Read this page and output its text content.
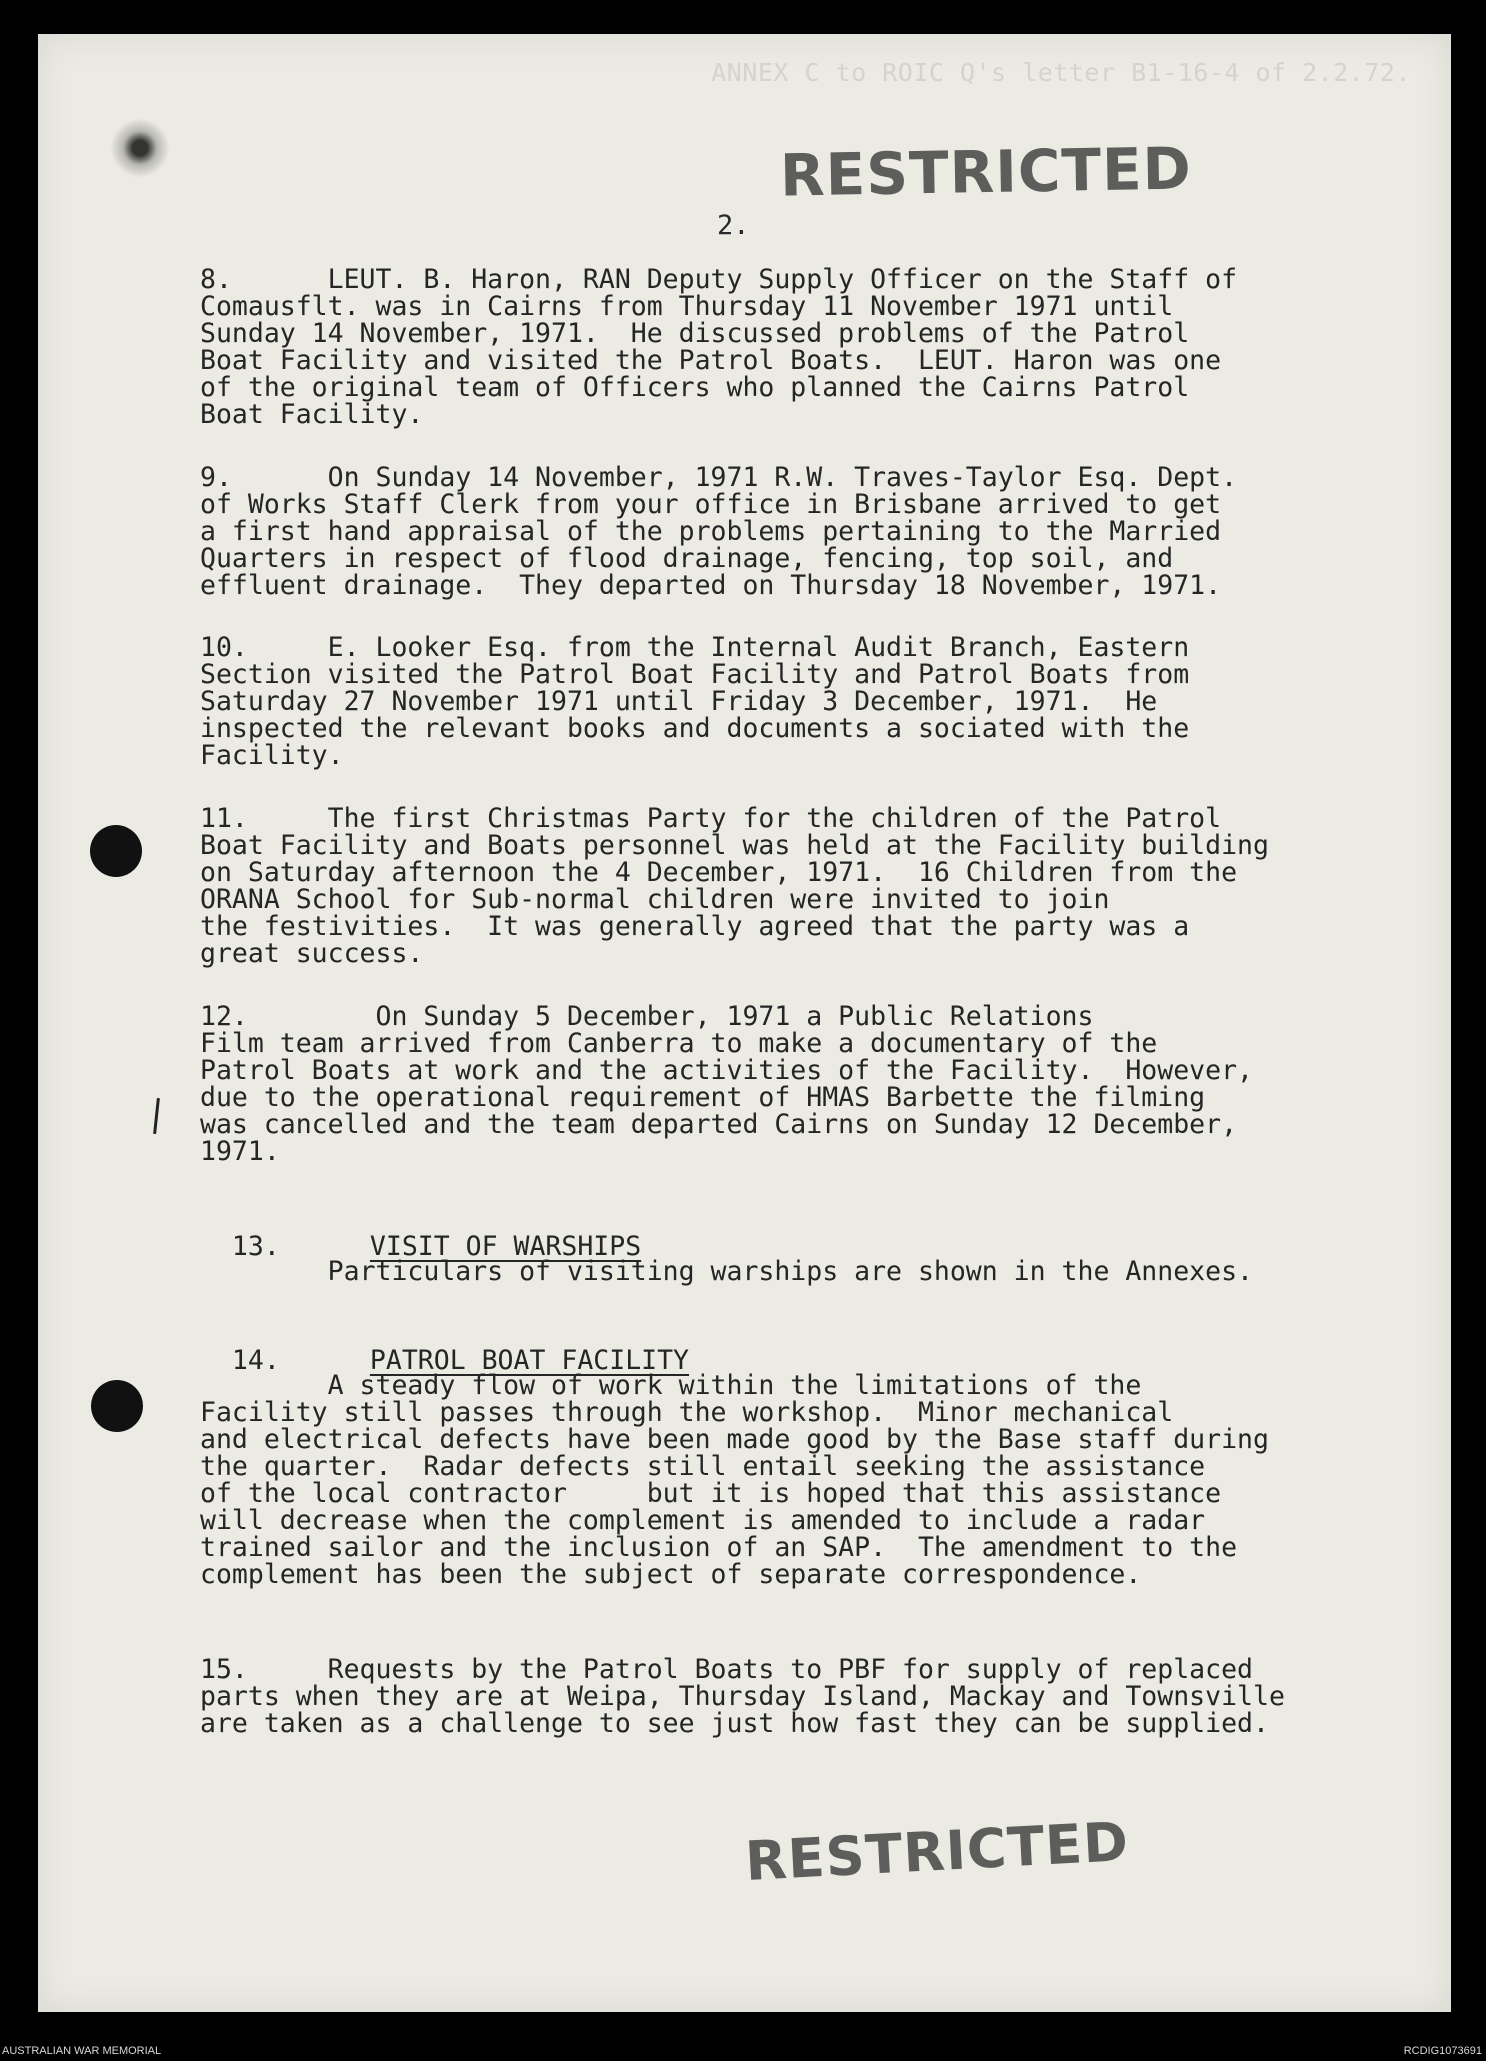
ANNEX C to ROIC Q's letter B1-16-4 of 2.2.72.
RESTRICTED
2.

8.      LEUT. B. Haron, RAN Deputy Supply Officer on the Staff of
Comausflt. was in Cairns from Thursday 11 November 1971 until
Sunday 14 November, 1971.  He discussed problems of the Patrol
Boat Facility and visited the Patrol Boats.  LEUT. Haron was one
of the original team of Officers who planned the Cairns Patrol
Boat Facility.

9.      On Sunday 14 November, 1971 R.W. Traves-Taylor Esq. Dept.
of Works Staff Clerk from your office in Brisbane arrived to get
a first hand appraisal of the problems pertaining to the Married
Quarters in respect of flood drainage, fencing, top soil, and
effluent drainage.  They departed on Thursday 18 November, 1971.

10.     E. Looker Esq. from the Internal Audit Branch, Eastern
Section visited the Patrol Boat Facility and Patrol Boats from
Saturday 27 November 1971 until Friday 3 December, 1971.  He
inspected the relevant books and documents a sociated with the
Facility.

11.     The first Christmas Party for the children of the Patrol
Boat Facility and Boats personnel was held at the Facility building
on Saturday afternoon the 4 December, 1971.  16 Children from the
ORANA School for Sub-normal children were invited to join
the festivities.  It was generally agreed that the party was a
great success.

12.        On Sunday 5 December, 1971 a Public Relations
Film team arrived from Canberra to make a documentary of the
Patrol Boats at work and the activities of the Facility.  However,
due to the operational requirement of HMAS Barbette the filming
was cancelled and the team departed Cairns on Sunday 12 December,
1971.

13.	VISIT OF WARSHIPS

Particulars of visiting warships are shown in the Annexes.

14.	PATROL BOAT FACILITY

A steady flow of work within the limitations of the
Facility still passes through the workshop.  Minor mechanical
and electrical defects have been made good by the Base staff during
the quarter.  Radar defects still entail seeking the assistance
of the local contractor     but it is hoped that this assistance
will decrease when the complement is amended to include a radar
trained sailor and the inclusion of an SAP.  The amendment to the
complement has been the subject of separate correspondence.

15.     Requests by the Patrol Boats to PBF for supply of replaced
parts when they are at Weipa, Thursday Island, Mackay and Townsville
are taken as a challenge to see just how fast they can be supplied.

RESTRICTED
AUSTRALIAN WAR MEMORIAL	RCDIG1073691
